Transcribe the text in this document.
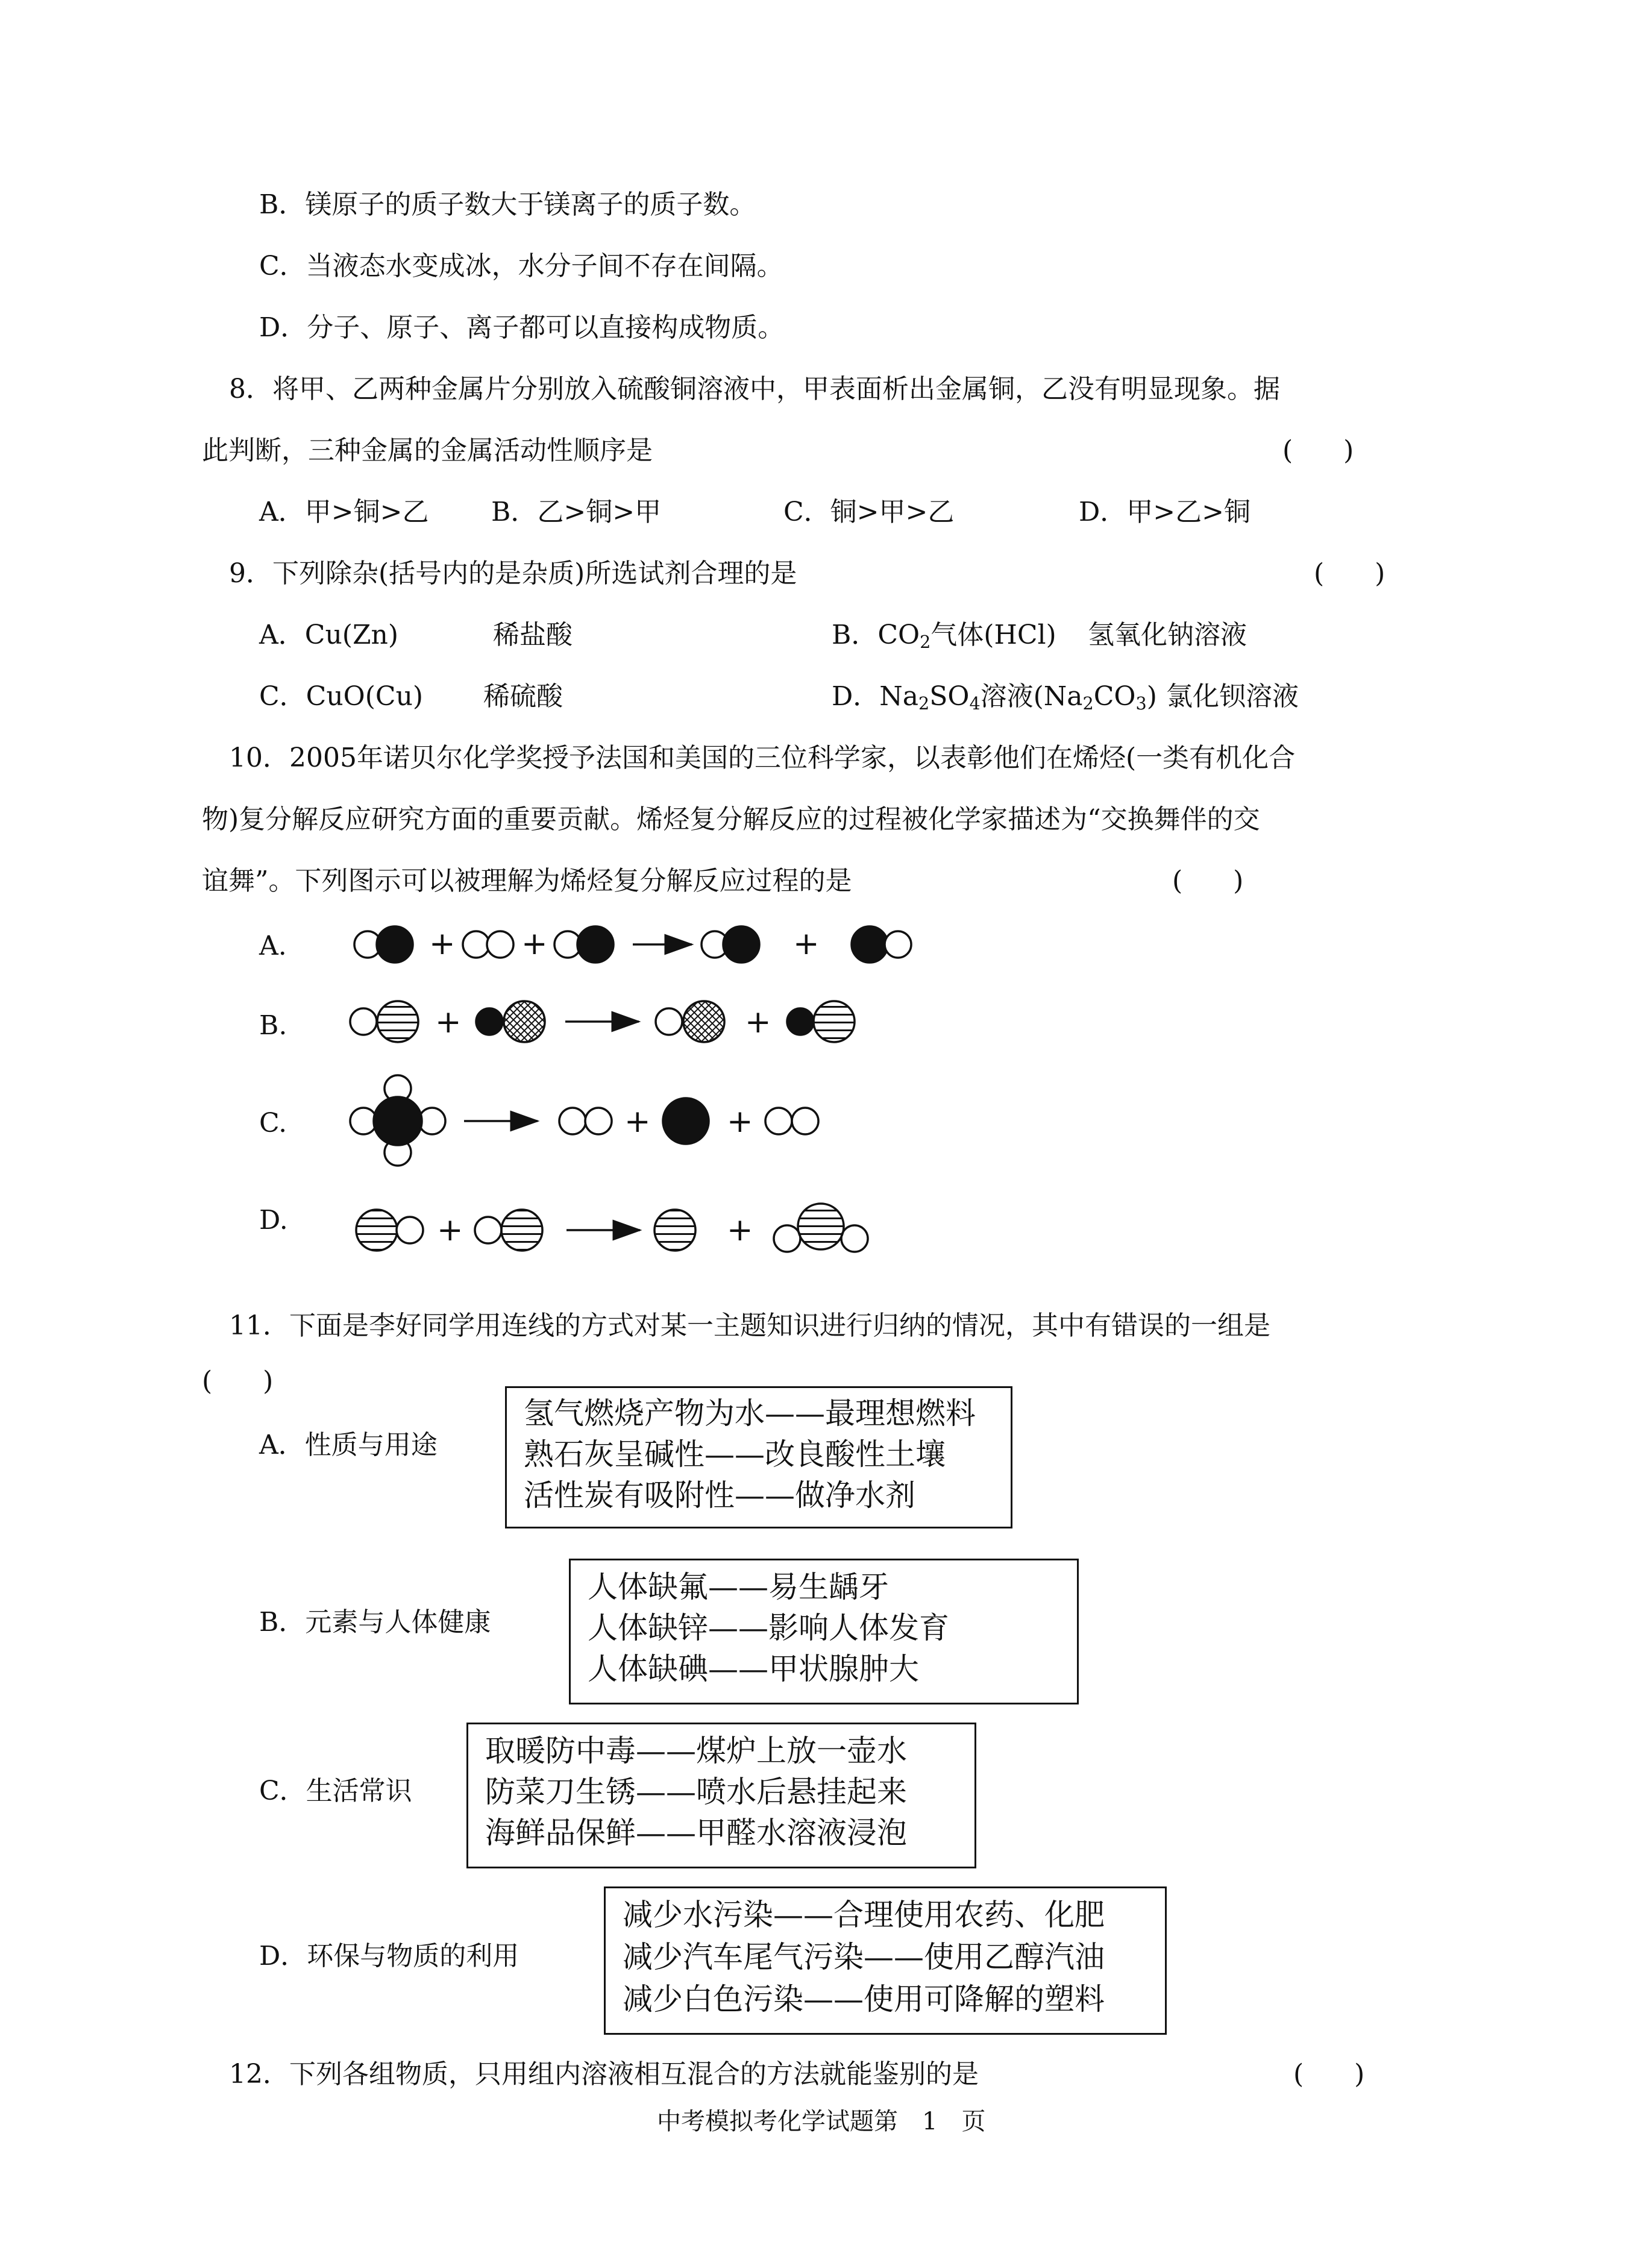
B．镁原子的质子数大于镁离子的质子数。
C．当液态水变成冰，水分子间不存在间隔。
D．分子、原子、离子都可以直接构成物质。
8．将甲、乙两种金属片分别放入硫酸铜溶液中，甲表面析出金属铜，乙没有明显现象。据
此判断，三种金属的金属活动性顺序是	(      )
A．甲>铜>乙 B．乙>铜>甲	C．铜>甲>乙	D．甲>乙>铜
9．下列除杂(括号内的是杂质)所选试剂合理的是	(      )
A．Cu(Zn)	稀盐酸	B．$CO_2$气体(HCl) 氢氧化钠溶液
C．CuO(Cu) 稀硫酸	D．$Na_2SO_4$溶液$(Na_2CO_3)$ 氯化钡溶液
10．2005年诺贝尔化学奖授予法国和美国的三位科学家，以表彰他们在烯烃(一类有机化合
物)复分解反应研究方面的重要贡献。烯烃复分解反应的过程被化学家描述为“交换舞伴的交
谊舞”。下列图示可以被理解为烯烃复分解反应过程的是	(      )
A.
B.
C.
D.
+ +	+
+	+
+ +
+	+
11．下面是李好同学用连线的方式对某一主题知识进行归纳的情况，其中有错误的一组是
(      )
A．性质与用途
氢气燃烧产物为水——最理想燃料
熟石灰呈碱性——改良酸性土壤
活性炭有吸附性——做净水剂
B．元素与人体健康
人体缺氟——易生龋牙
人体缺锌——影响人体发育
人体缺碘——甲状腺肿大
C．生活常识
取暖防中毒——煤炉上放一壶水
防菜刀生锈——喷水后悬挂起来
海鲜品保鲜——甲醛水溶液浸泡
D．环保与物质的利用
减少水污染——合理使用农药、化肥
减少汽车尾气污染——使用乙醇汽油
减少白色污染——使用可降解的塑料
12．下列各组物质，只用组内溶液相互混合的方法就能鉴别的是	(      )
中考模拟考化学试题第　1　页
